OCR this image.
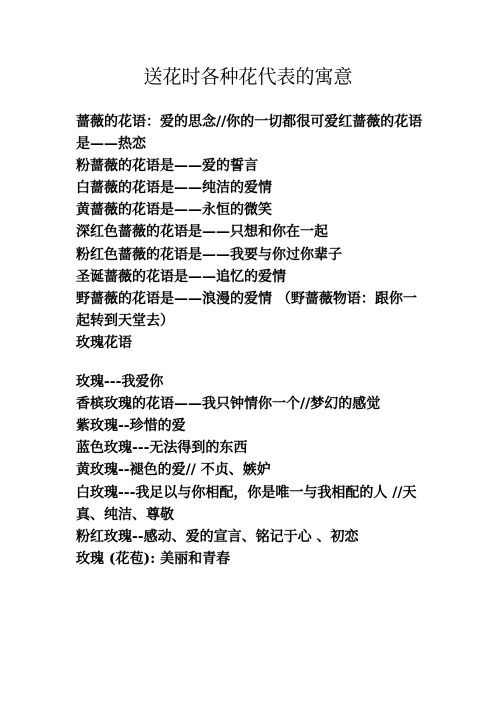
送花时各种花代表的寓意
蔷薇的花语：爱的思念//你的一切都很可爱红蔷薇的花语是——热恋
粉蔷薇的花语是——爱的誓言
白蔷薇的花语是——纯洁的爱情
黄蔷薇的花语是——永恒的微笑
深红色蔷薇的花语是——只想和你在一起
粉红色蔷薇的花语是——我要与你过你辈子
圣诞蔷薇的花语是——追忆的爱情
野蔷薇的花语是——浪漫的爱情 （野蔷薇物语：跟你一起转到天堂去）
玫瑰花语
玫瑰---我爱你
香槟玫瑰的花语——我只钟情你一个//梦幻的感觉
紫玫瑰--珍惜的爱
蓝色玫瑰---无法得到的东西
黄玫瑰--褪色的爱// 不贞、嫉妒
白玫瑰---我足以与你相配，你是唯一与我相配的人 //天真、纯洁、尊敬
粉红玫瑰--感动、爱的宣言、铭记于心 、初恋
玫瑰 (花苞): 美丽和青春
